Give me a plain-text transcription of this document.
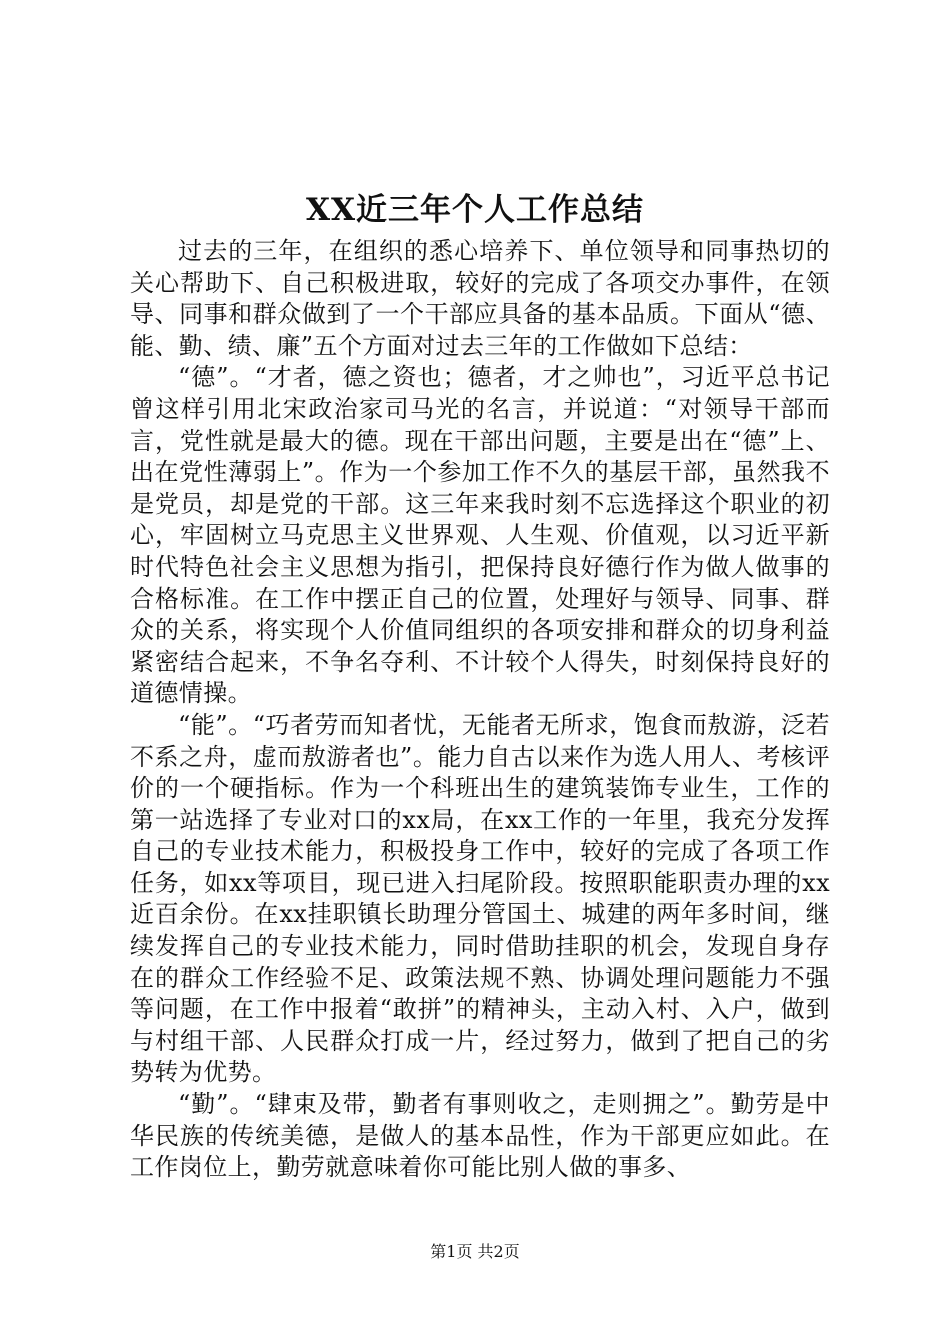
XX近三年个人工作总结

过去的三年，在组织的悉心培养下、单位领导和同事热切的关心帮助下、自己积极进取，较好的完成了各项交办事件，在领导、同事和群众做到了一个干部应具备的基本品质。下面从“德、能、勤、绩、廉”五个方面对过去三年的工作做如下总结：

“德”。“才者，德之资也；德者，才之帅也”，习近平总书记曾这样引用北宋政治家司马光的名言，并说道：“对领导干部而言，党性就是最大的德。现在干部出问题，主要是出在“德”上、出在党性薄弱上”。作为一个参加工作不久的基层干部，虽然我不是党员，却是党的干部。这三年来我时刻不忘选择这个职业的初心，牢固树立马克思主义世界观、人生观、价值观，以习近平新时代特色社会主义思想为指引，把保持良好德行作为做人做事的合格标准。在工作中摆正自己的位置，处理好与领导、同事、群众的关系，将实现个人价值同组织的各项安排和群众的切身利益紧密结合起来，不争名夺利、不计较个人得失，时刻保持良好的道德情操。

“能”。“巧者劳而知者忧，无能者无所求，饱食而敖游，泛若不系之舟，虚而敖游者也”。能力自古以来作为选人用人、考核评价的一个硬指标。作为一个科班出生的建筑装饰专业生，工作的第一站选择了专业对口的xx局，在xx工作的一年里，我充分发挥自己的专业技术能力，积极投身工作中，较好的完成了各项工作任务，如xx等项目，现已进入扫尾阶段。按照职能职责办理的xx近百余份。在xx挂职镇长助理分管国土、城建的两年多时间，继续发挥自己的专业技术能力，同时借助挂职的机会，发现自身存在的群众工作经验不足、政策法规不熟、协调处理问题能力不强等问题，在工作中报着“敢拼”的精神头，主动入村、入户，做到与村组干部、人民群众打成一片，经过努力，做到了把自己的劣势转为优势。

“勤”。“肆束及带，勤者有事则收之，走则拥之”。勤劳是中华民族的传统美德，是做人的基本品性，作为干部更应如此。在工作岗位上，勤劳就意味着你可能比别人做的事多、

第1页 共2页
